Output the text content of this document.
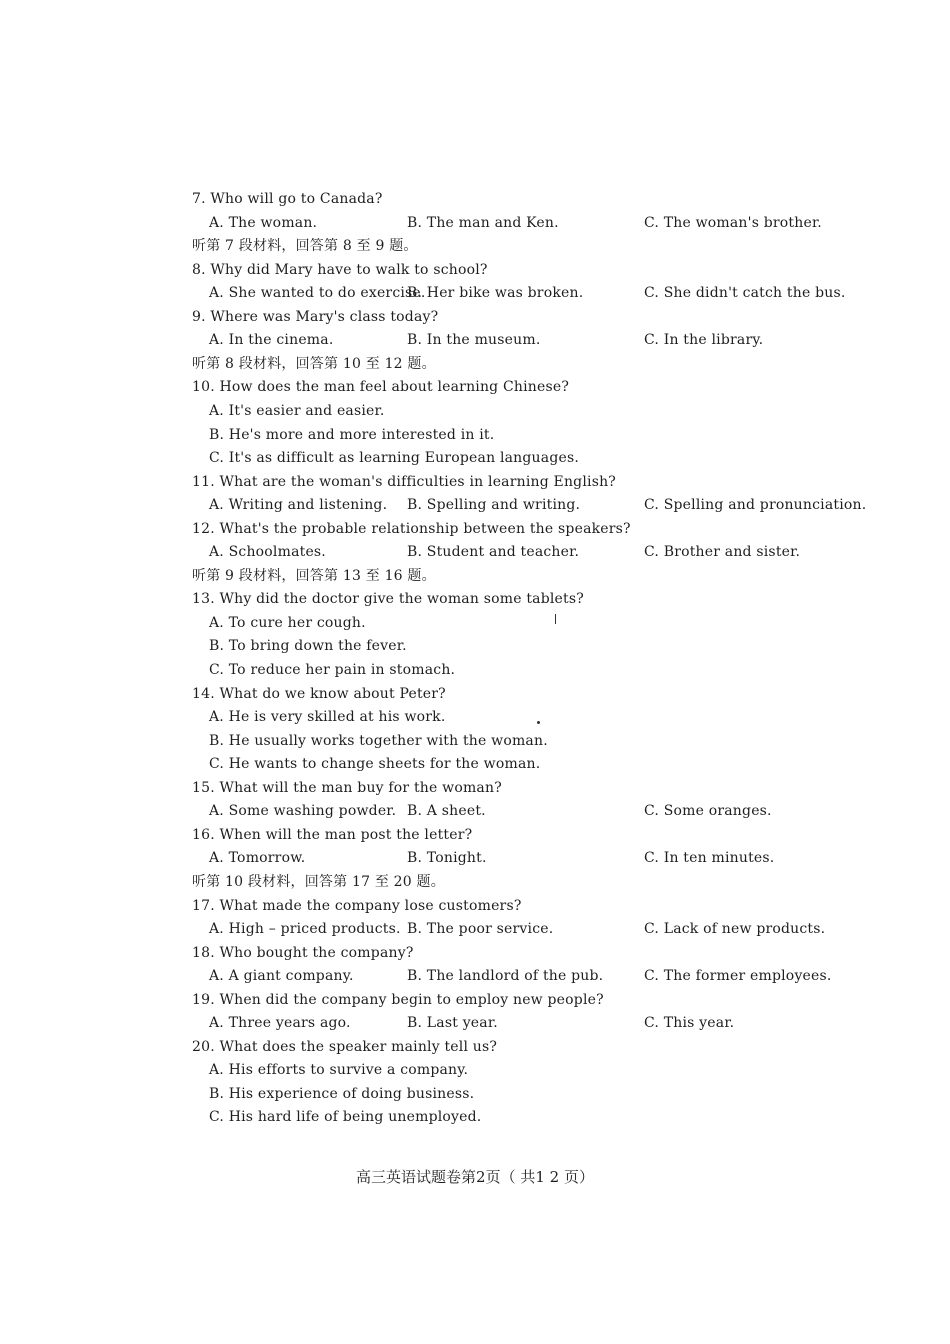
高三英语试题卷第2页（ 共1 2 页）
7. Who will go to Canada?
A. The woman.	B. The man and Ken.	C. The woman's brother.
听第 7 段材料，回答第 8 至 9 题。
8. Why did Mary have to walk to school?
A. She wanted to do exercise.
B. Her bike was broken.	C. She didn't catch the bus.
9. Where was Mary's class today?
A. In the cinema.	B. In the museum.	C. In the library.
听第 8 段材料，回答第 10 至 12 题。
10. How does the man feel about learning Chinese?
A. It's easier and easier.
B. He's more and more interested in it.
C. It's as difficult as learning European languages.
11. What are the woman's difficulties in learning English?
A. Writing and listening. B. Spelling and writing.	C. Spelling and pronunciation.
12. What's the probable relationship between the speakers?
A. Schoolmates.	B. Student and teacher.	C. Brother and sister.
听第 9 段材料，回答第 13 至 16 题。
13. Why did the doctor give the woman some tablets?
A. To cure her cough.
B. To bring down the fever.
C. To reduce her pain in stomach.
14. What do we know about Peter?
A. He is very skilled at his work.
B. He usually works together with the woman.
C. He wants to change sheets for the woman.
15. What will the man buy for the woman?
A. Some washing powder. B. A sheet.	C. Some oranges.
16. When will the man post the letter?
A. Tomorrow.	B. Tonight.	C. In ten minutes.
听第 10 段材料，回答第 17 至 20 题。
17. What made the company lose customers?
A. High – priced products. B. The poor service.	C. Lack of new products.
18. Who bought the company?
A. A giant company.	B. The landlord of the pub.	C. The former employees.
19. When did the company begin to employ new people?
A. Three years ago.	B. Last year.	C. This year.
20. What does the speaker mainly tell us?
A. His efforts to survive a company.
B. His experience of doing business.
C. His hard life of being unemployed.
